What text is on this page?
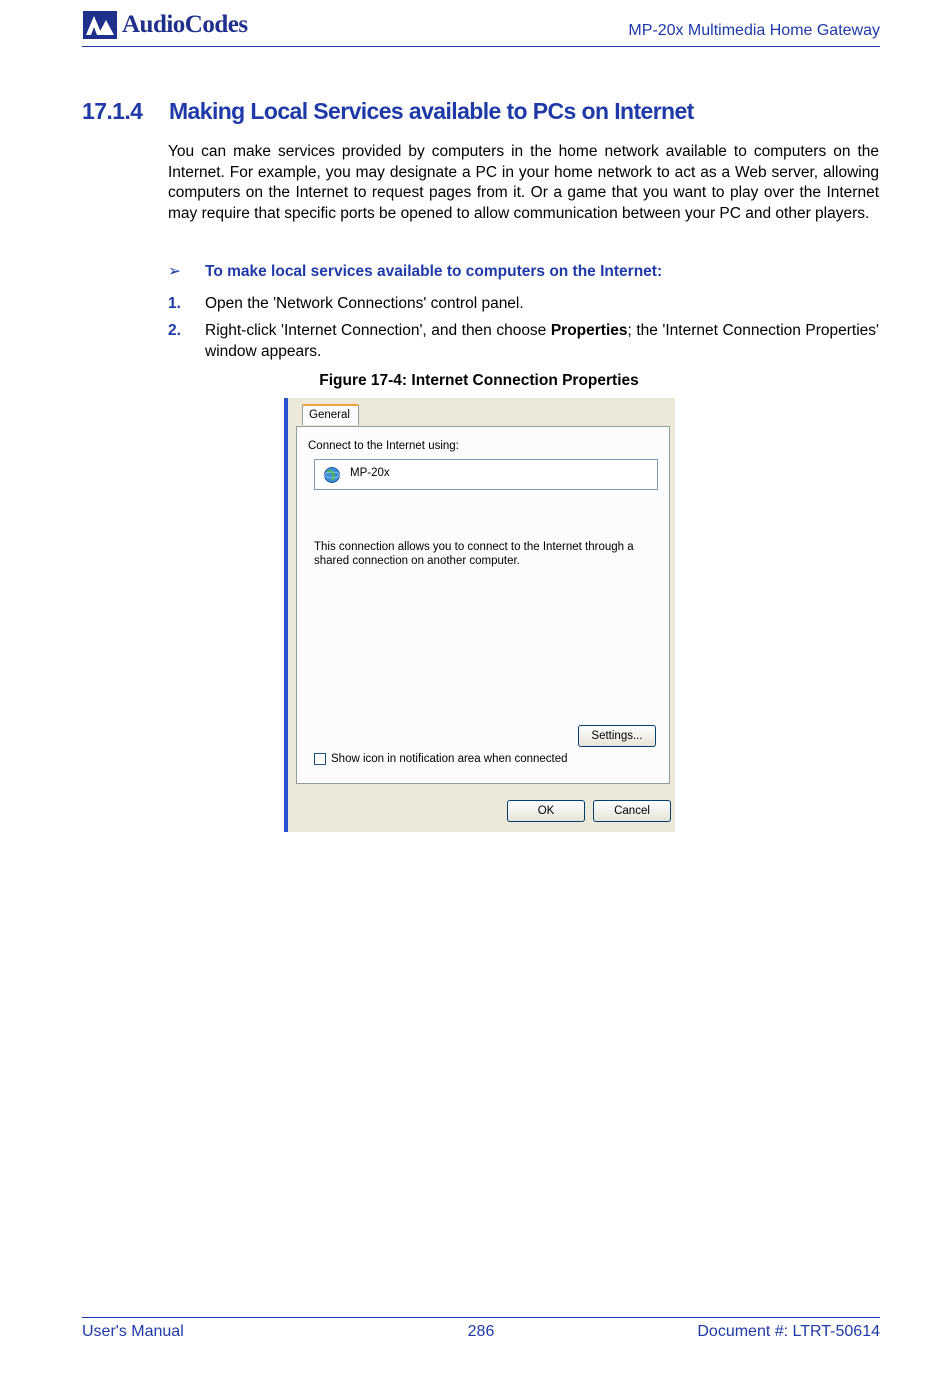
AudioCodes	MP-20x Multimedia Home Gateway
17.1.4 Making Local Services available to PCs on Internet
You can make services provided by computers in the home network available to computers on the Internet. For example, you may designate a PC in your home network to act as a Web server, allowing computers on the Internet to request pages from it. Or a game that you want to play over the Internet may require that specific ports be opened to allow communication between your PC and other players.
➢ To make local services available to computers on the Internet:
1. Open the 'Network Connections' control panel.
2. Right-click 'Internet Connection', and then choose Properties; the 'Internet Connection Properties' window appears.
Figure 17-4: Internet Connection Properties
General
Connect to the Internet using:
MP-20x
This connection allows you to connect to the Internet through a shared connection on another computer.
Settings...
Show icon in notification area when connected
OK	Cancel
User's Manual	286	Document #: LTRT-50614
